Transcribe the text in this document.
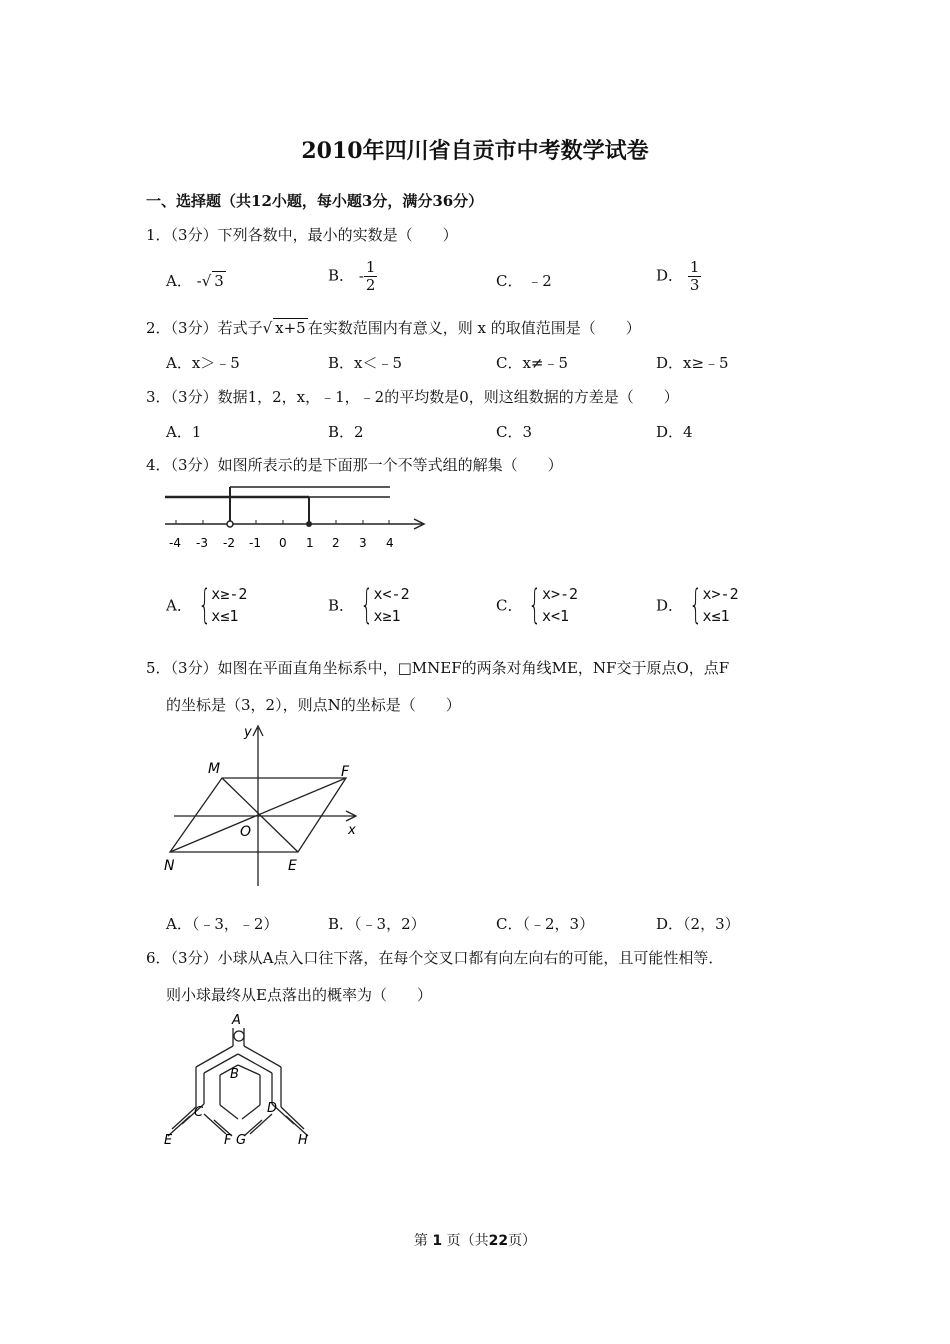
2010年四川省自贡市中考数学试卷
一、选择题（共12小题，每小题3分，满分36分）
1．（3分）下列各数中，最小的实数是（　　）
A． -√ 3	B． - $\frac{1}{2}$	C． ﹣2	D． $\frac{1}{3}$
2．（3分）若式子√ x+5 在实数范围内有意义，则 x 的取值范围是（　　）
A．x＞﹣5	B．x＜﹣5	C．x≠﹣5	D．x≥﹣5
3．（3分）数据1，2，x，﹣1，﹣2的平均数是0，则这组数据的方差是（　　）
A．1	B．2	C．3	D．4
4．（3分）如图所表示的是下面那一个不等式组的解集（　　）
-4 -3 -2 -1 0 1 2 3 4
A． {x≥-2
x≤1
B． {x<-2
x≥1
C． {x>-2
x<1
D． {x>-2
x≤1
5．（3分）如图在平面直角坐标系中，□MNEF的两条对角线ME，NF交于原点O，点F
的坐标是（3，2），则点N的坐标是（　　）
y
x
M	F
O
N	E
A．（﹣3，﹣2）	B．（﹣3，2）	C．（﹣2，3）	D．（2，3）
6．（3分）小球从A点入口往下落，在每个交叉口都有向左向右的可能，且可能性相等．
则小球最终从E点落出的概率为（　　）
A
B
C	D
E	F G	H
第 1 页（共22页）
